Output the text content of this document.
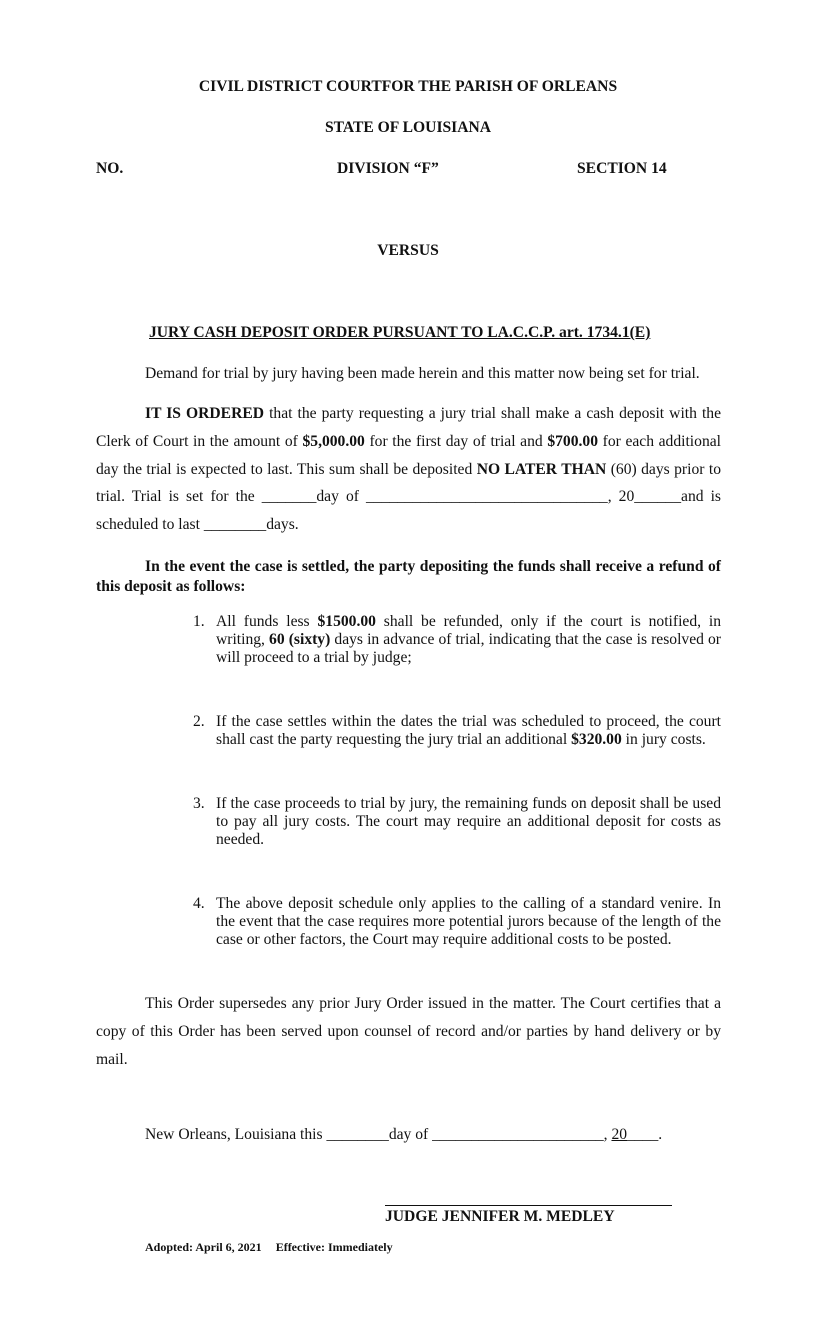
CIVIL DISTRICT COURTFOR THE PARISH OF ORLEANS
STATE OF LOUISIANA
NO.	DIVISION “F”	SECTION 14
VERSUS
JURY CASH DEPOSIT ORDER PURSUANT TO LA.C.C.P. art. 1734.1(E)
Demand for trial by jury having been made herein and this matter now being set for trial.
IT IS ORDERED that the party requesting a jury trial shall make a cash deposit with the Clerk of Court in the amount of $5,000.00 for the first day of trial and $700.00 for each additional day the trial is expected to last. This sum shall be deposited NO LATER THAN (60) days prior to trial. Trial is set for the _______day of _______________________________, 20______and is scheduled to last ________days.
In the event the case is settled, the party depositing the funds shall receive a refund of this deposit as follows:
1. All funds less $1500.00 shall be refunded, only if the court is notified, in writing, 60 (sixty) days in advance of trial, indicating that the case is resolved or will proceed to a trial by judge;
2. If the case settles within the dates the trial was scheduled to proceed, the court shall cast the party requesting the jury trial an additional $320.00 in jury costs.
3. If the case proceeds to trial by jury, the remaining funds on deposit shall be used to pay all jury costs. The court may require an additional deposit for costs as needed.
4. The above deposit schedule only applies to the calling of a standard venire. In the event that the case requires more potential jurors because of the length of the case or other factors, the Court may require additional costs to be posted.
This Order supersedes any prior Jury Order issued in the matter. The Court certifies that a copy of this Order has been served upon counsel of record and/or parties by hand delivery or by mail.
New Orleans, Louisiana this ________day of ______________________, 20____.
JUDGE JENNIFER M. MEDLEY
Adopted: April 6, 2021 Effective: Immediately
